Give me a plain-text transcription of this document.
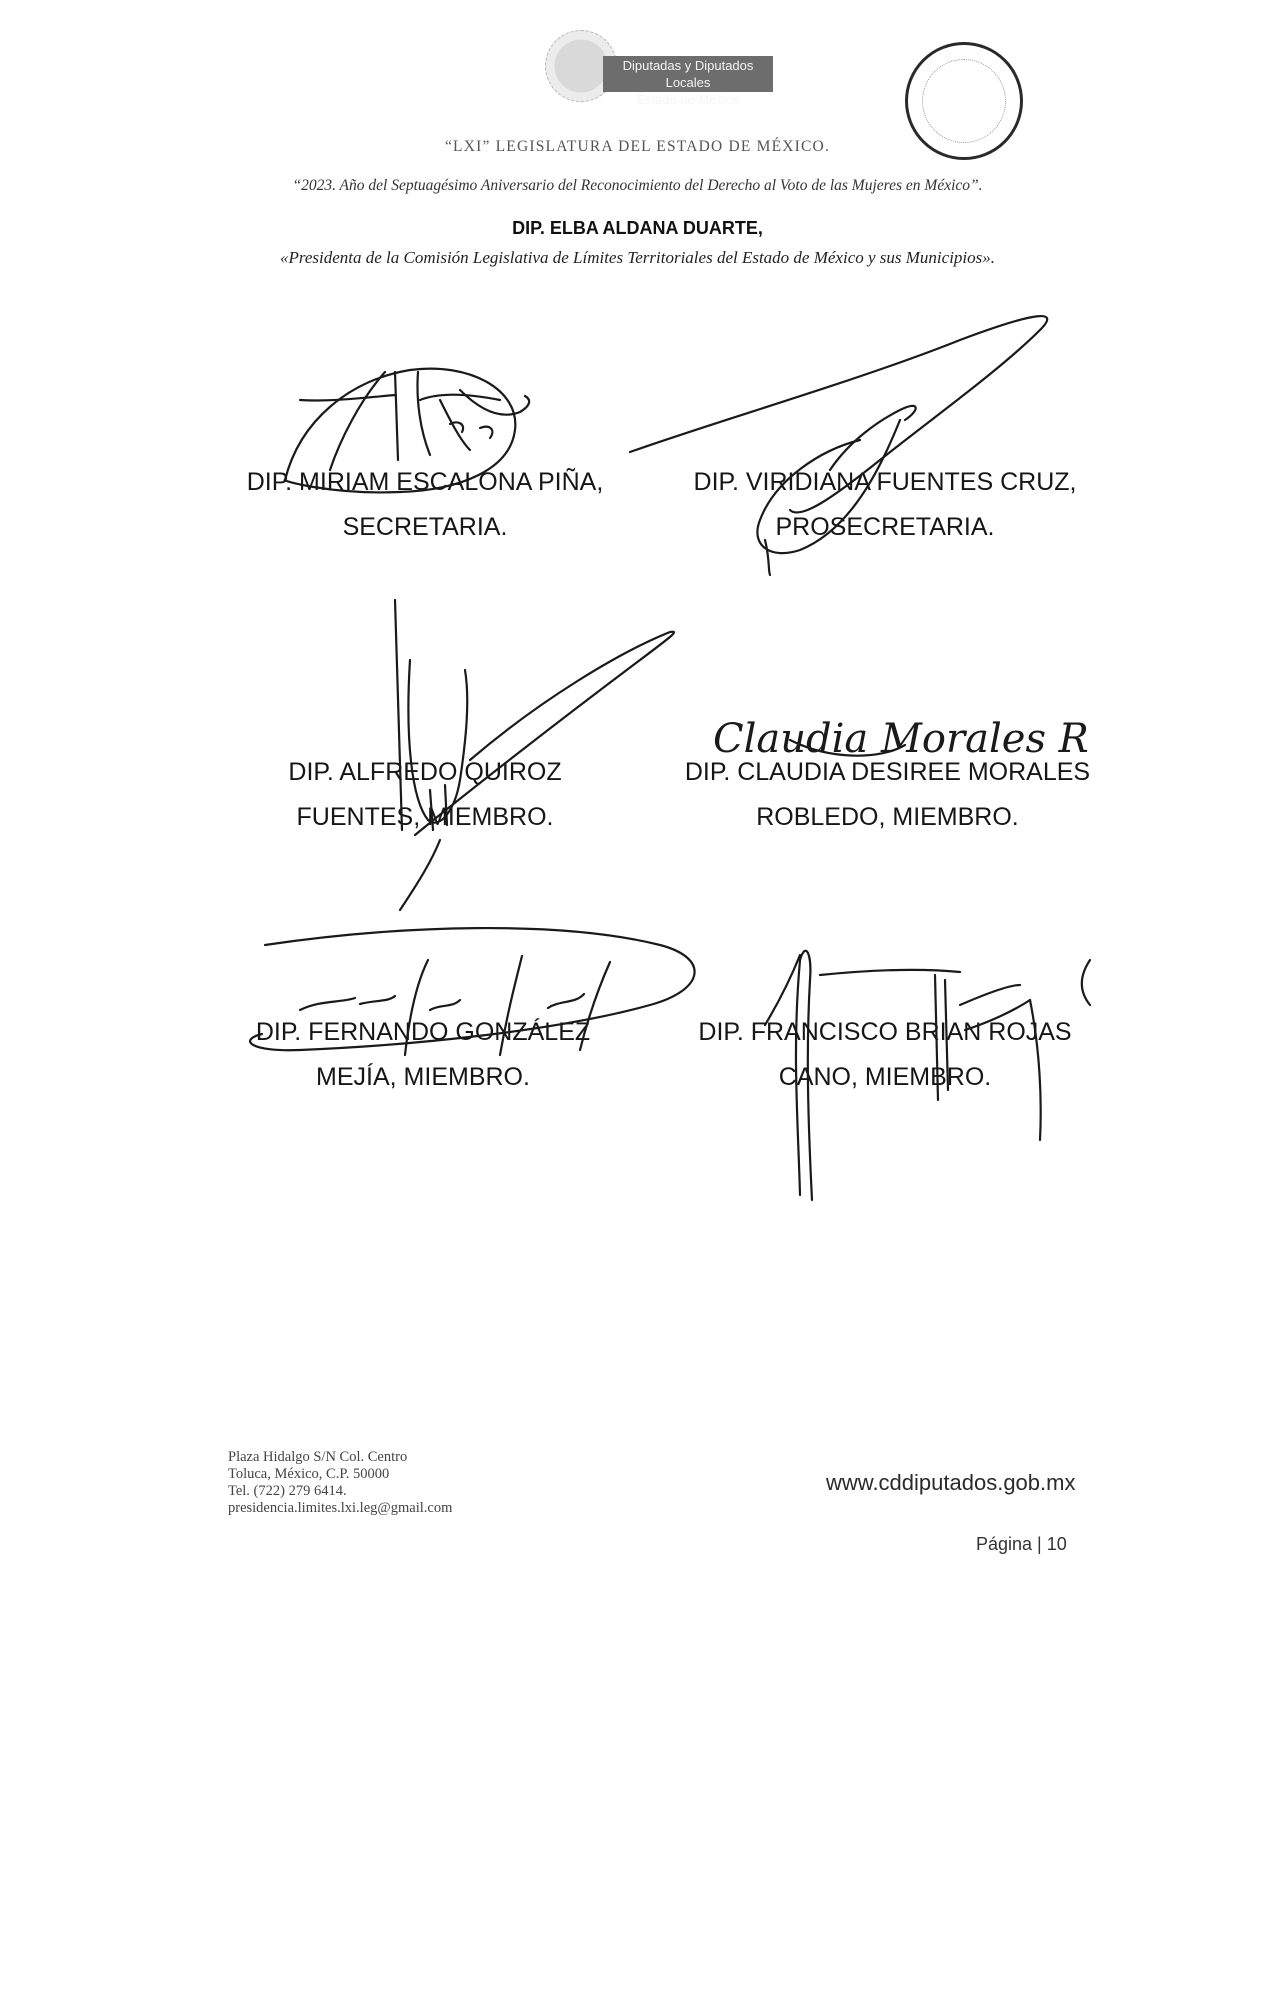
Diputadas y Diputados Locales
Estado de México
“LXI” LEGISLATURA DEL ESTADO DE MÉXICO.
“2023. Año del Septuagésimo Aniversario del Reconocimiento del Derecho al Voto de las Mujeres en México”.
DIP. ELBA ALDANA DUARTE,
«Presidenta de la Comisión Legislativa de Límites Territoriales del Estado de México y sus Municipios».
DIP. MIRIAM ESCALONA PIÑA,
SECRETARIA.
DIP. VIRIDIANA FUENTES CRUZ,
PROSECRETARIA.
DIP. ALFREDO QUIROZ
FUENTES, MIEMBRO.
DIP. CLAUDIA DESIREE MORALES
ROBLEDO, MIEMBRO.
DIP. FERNANDO GONZÁLEZ
MEJÍA, MIEMBRO.
DIP. FRANCISCO BRIAN ROJAS
CANO, MIEMBRO.
Claudia Morales R
Plaza Hidalgo S/N Col. Centro
Toluca, México, C.P. 50000
Tel. (722) 279 6414.
presidencia.limites.lxi.leg@gmail.com
www.cddiputados.gob.mx
Página | 10
